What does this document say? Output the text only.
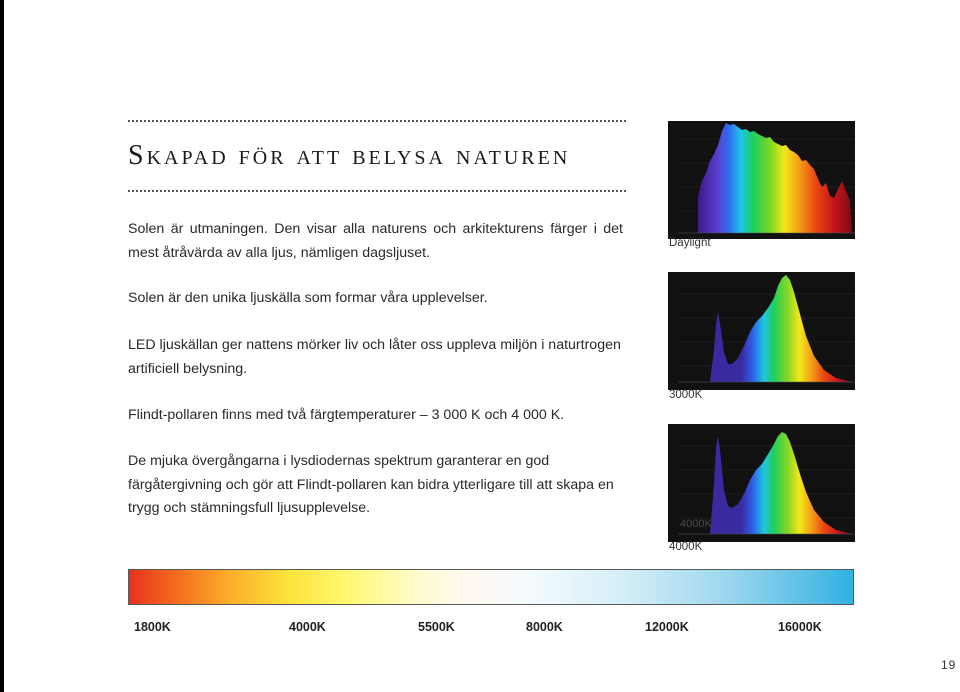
Skapad för att belysa naturen

Solen är utmaningen. Den visar alla naturens och arkitekturens färger i det mest åtråvärda av alla ljus, nämligen dagsljuset.

Solen är den unika ljuskälla som formar våra upplevelser.

LED ljuskällan ger nattens mörker liv och låter oss uppleva miljön i naturtrogen artificiell belysning.

Flindt-pollaren finns med två färgtemperaturer – 3 000 K och 4 000 K.

De mjuka övergångarna i lysdiodernas spektrum garanterar en god färgåtergivning och gör att Flindt-pollaren kan bidra ytterligare till att skapa en trygg och stämningsfull ljusupplevelse.

Daylight
3000K
4000K
4000K
1800K	4000K	5500K	8000K	12000K	16000K
19
